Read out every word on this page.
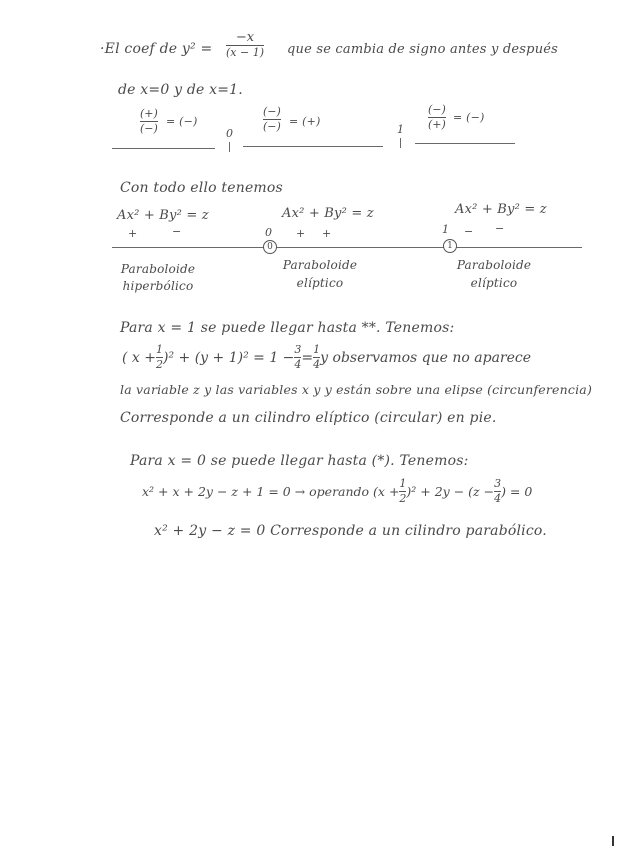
·El coef de y² =
−x
(x − 1) que se cambia de signo antes y después
de x=0 y de x=1.
(+)
(−)
= (−)
(−)
(−) = (+)
(−)
(+)
= (−)
0	1
Con todo ello tenemos
Ax² + By² = z	Ax² + By² = z	Ax² + By² = z
+	−	+ +	− −
0	1
0	1
Paraboloide
hiperbólico
Paraboloide
elíptico
Paraboloide
elíptico
Para x = 1 se puede llegar hasta **. Tenemos:
( $x + \frac{1}{2} )^2 + (y + 1)^2 = 1 - \frac{3}{4} = \frac{1}{4}$ y observamos que no aparece
la variable z y las variables x y y están sobre una elipse (circunferencia)
Corresponde a un cilindro elíptico (circular) en pie.
Para x = 0 se puede llegar hasta (*). Tenemos:
x² + x + 2y − z + 1 = 0 → operando $(x + \frac{1}{2} )^2 + 2y - (z - \frac{3}{4}$ ) = 0
x² + 2y − z = 0 Corresponde a un cilindro parabólico.
